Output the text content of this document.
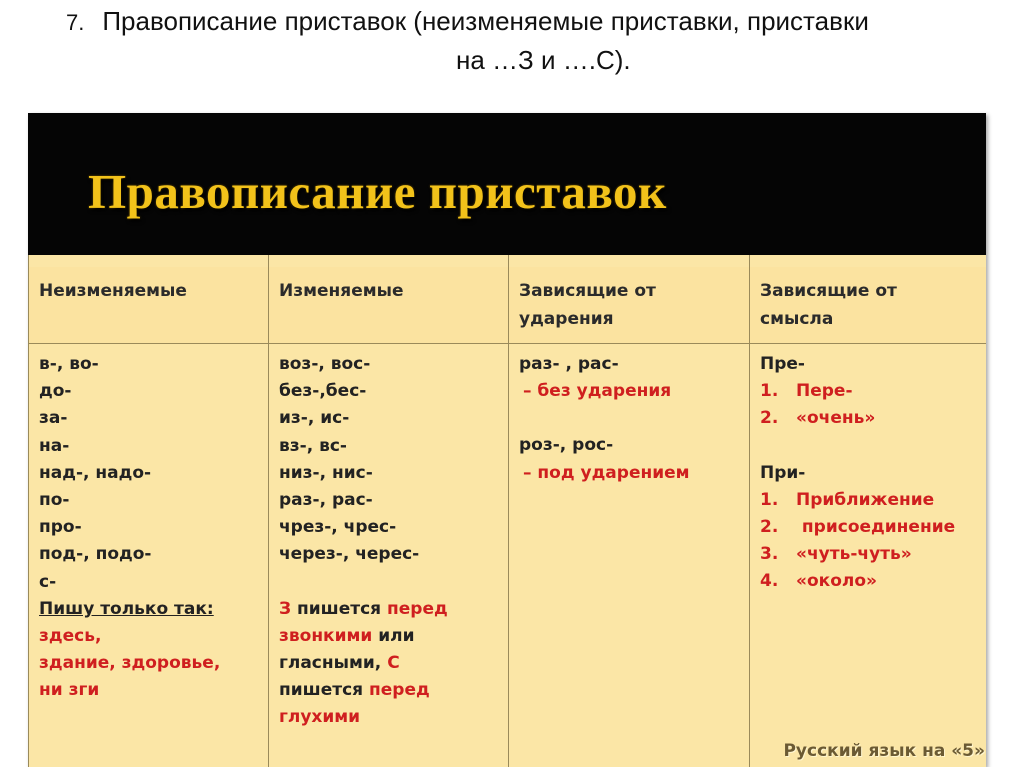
7. Правописание приставок (неизменяемые приставки, приставки
на …З и ….С).
Правописание приставок
Неизменяемые
в-, во-
до-
за-
на-
над-, надо-
по-
про-
под-, подо-
с-
Пишу только так:
здесь,
здание, здоровье,
ни зги
Изменяемые
воз-, вос-
без-,бес-
из-, ис-
вз-, вс-
низ-, нис-
раз-, рас-
чрез-, чрес-
через-, черес-
З пишется перед
звонкими или
гласными, С
пишется перед
глухими
Зависящие от
ударения
раз- , рас-
– без ударения
роз-, рос-
– под ударением
Зависящие от
смысла
Пре-
1. Пере-
2. «очень»
При-
1. Приближение
2. присоединение
3. «чуть-чуть»
4. «около»
Русский язык на «5»
